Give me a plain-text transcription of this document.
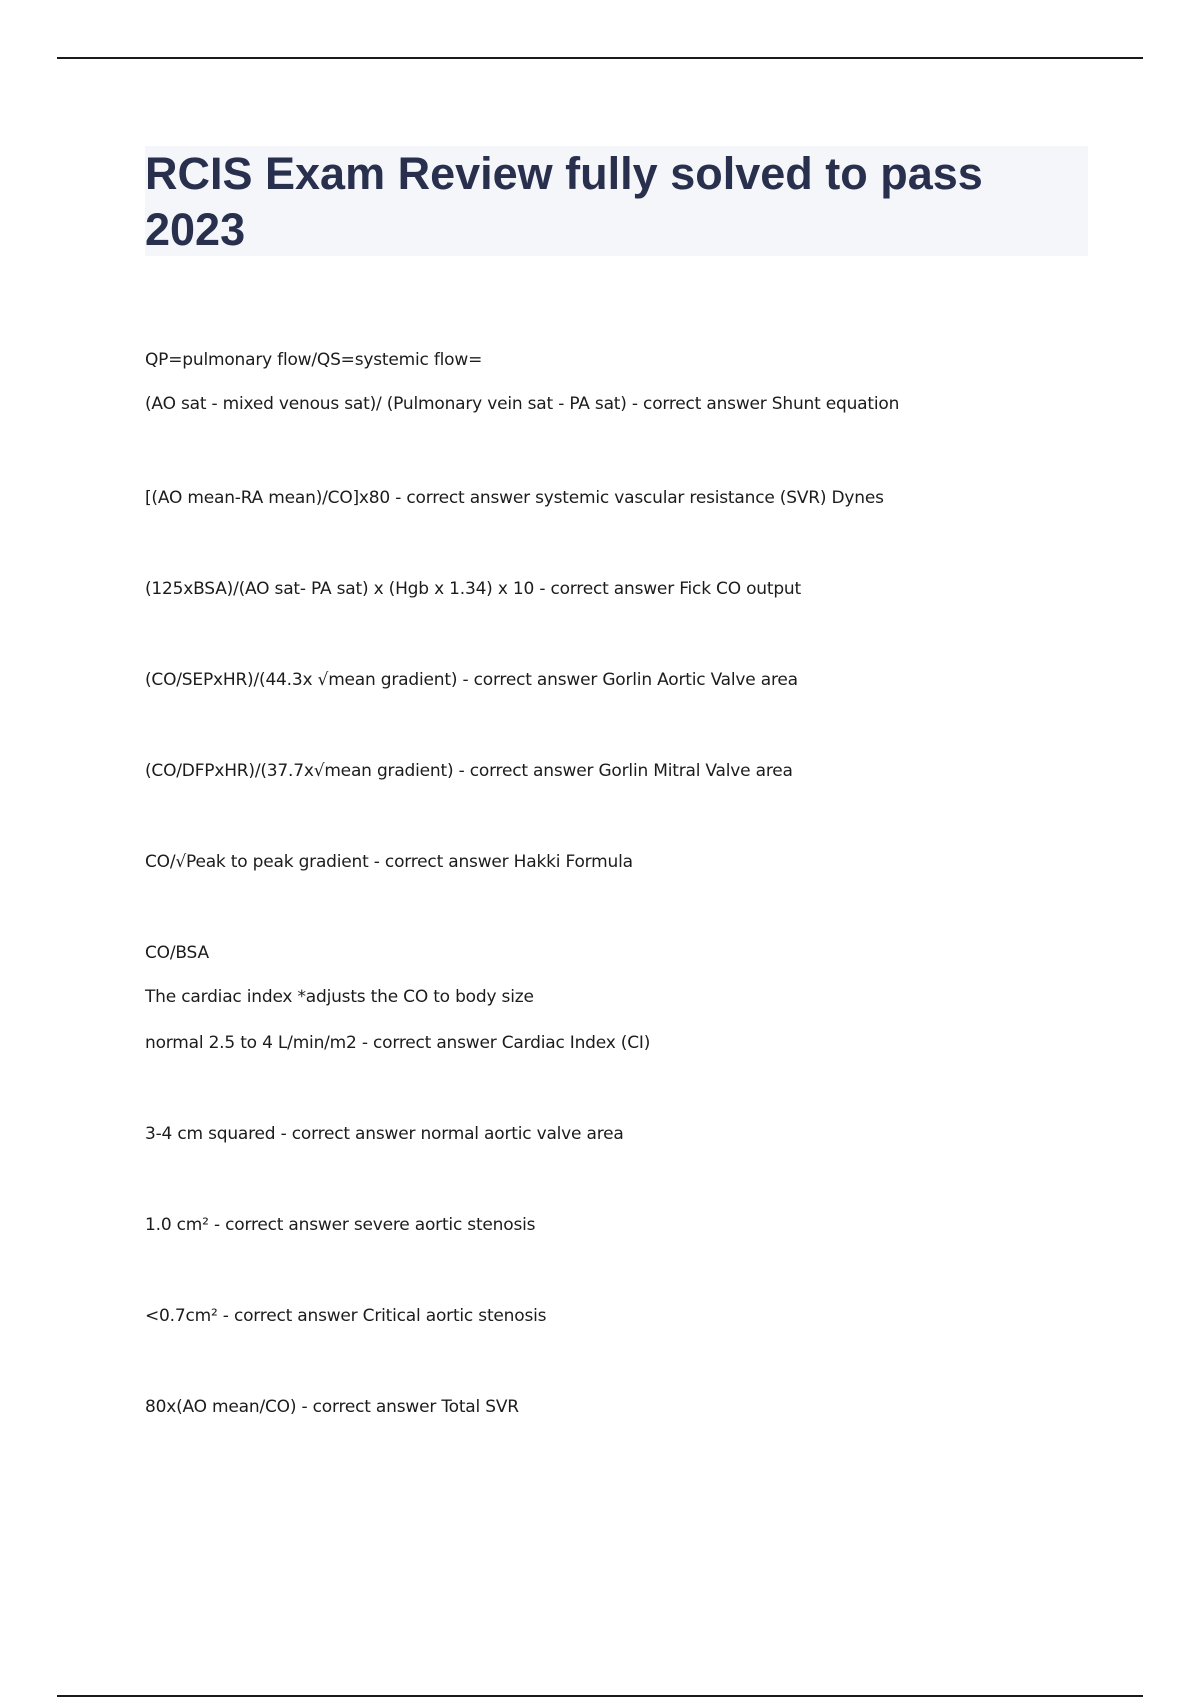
RCIS Exam Review fully solved to pass 2023
QP=pulmonary flow/QS=systemic flow=
(AO sat - mixed venous sat)/ (Pulmonary vein sat - PA sat) - correct answer Shunt equation
[(AO mean-RA mean)/CO]x80 - correct answer systemic vascular resistance (SVR) Dynes
(125xBSA)/(AO sat- PA sat) x (Hgb x 1.34) x 10 - correct answer Fick CO output
(CO/SEPxHR)/(44.3x √mean gradient) - correct answer Gorlin Aortic Valve area
(CO/DFPxHR)/(37.7x√mean gradient) - correct answer Gorlin Mitral Valve area
CO/√Peak to peak gradient - correct answer Hakki Formula
CO/BSA
The cardiac index *adjusts the CO to body size
normal 2.5 to 4 L/min/m2 - correct answer Cardiac Index (CI)
3-4 cm squared - correct answer normal aortic valve area
1.0 cm² - correct answer severe aortic stenosis
<0.7cm² - correct answer Critical aortic stenosis
80x(AO mean/CO) - correct answer Total SVR
